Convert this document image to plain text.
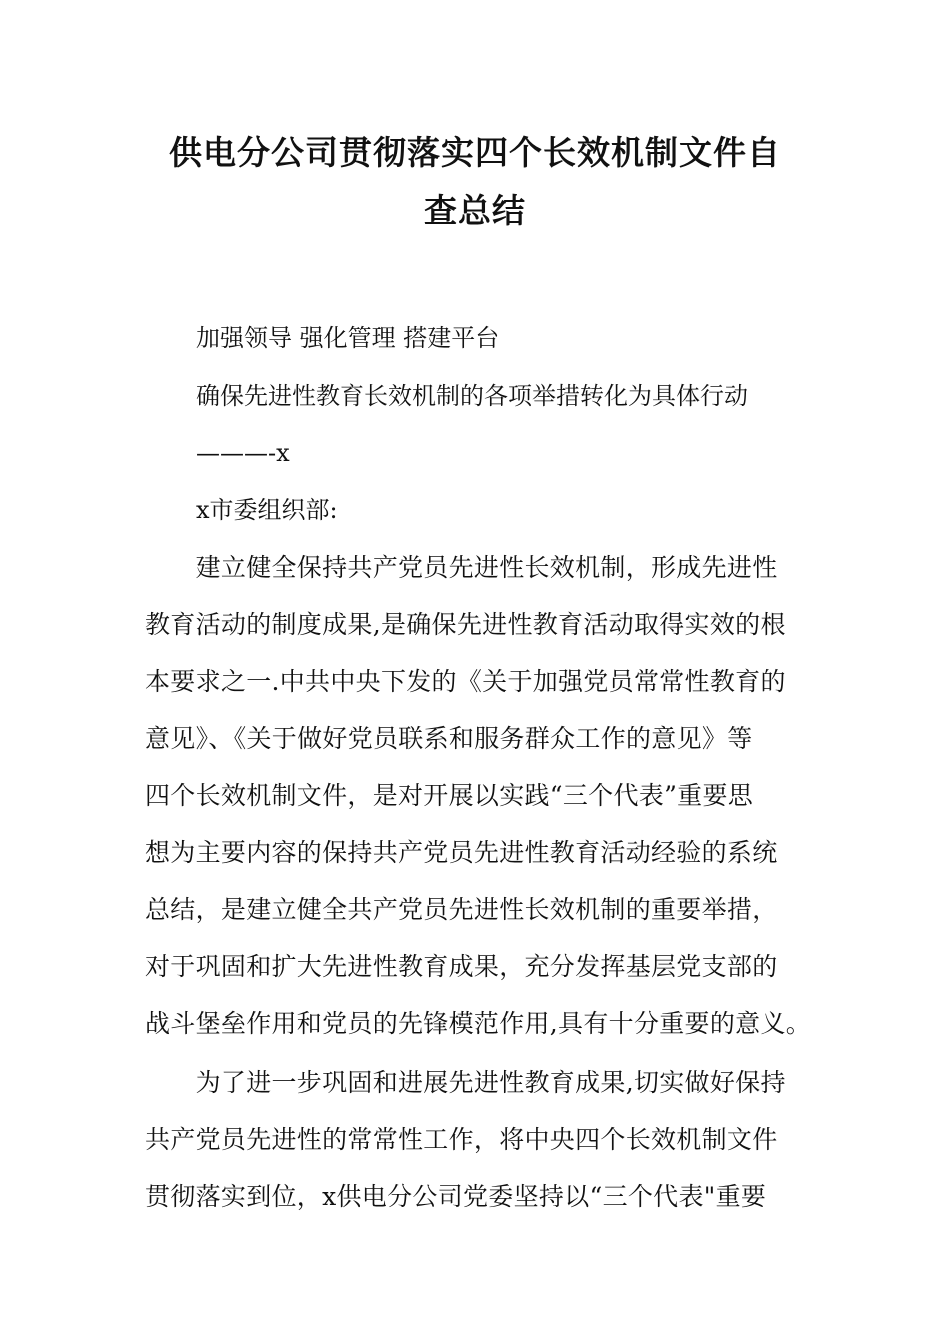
供电分公司贯彻落实四个长效机制文件自
查总结
加强领导 强化管理 搭建平台
确保先进性教育长效机制的各项举措转化为具体行动
———-x
x市委组织部:
　　建立健全保持共产党员先进性长效机制，形成先进性
教育活动的制度成果,是确保先进性教育活动取得实效的根
本要求之一.中共中央下发的《关于加强党员常常性教育的
意见》、《关于做好党员联系和服务群众工作的意见》等
四个长效机制文件，是对开展以实践“三个代表”重要思
想为主要内容的保持共产党员先进性教育活动经验的系统
总结，是建立健全共产党员先进性长效机制的重要举措，
对于巩固和扩大先进性教育成果，充分发挥基层党支部的
战斗堡垒作用和党员的先锋模范作用,具有十分重要的意义。
　　为了进一步巩固和进展先进性教育成果,切实做好保持
共产党员先进性的常常性工作，将中央四个长效机制文件
贯彻落实到位，x供电分公司党委坚持以“三个代表"重要
